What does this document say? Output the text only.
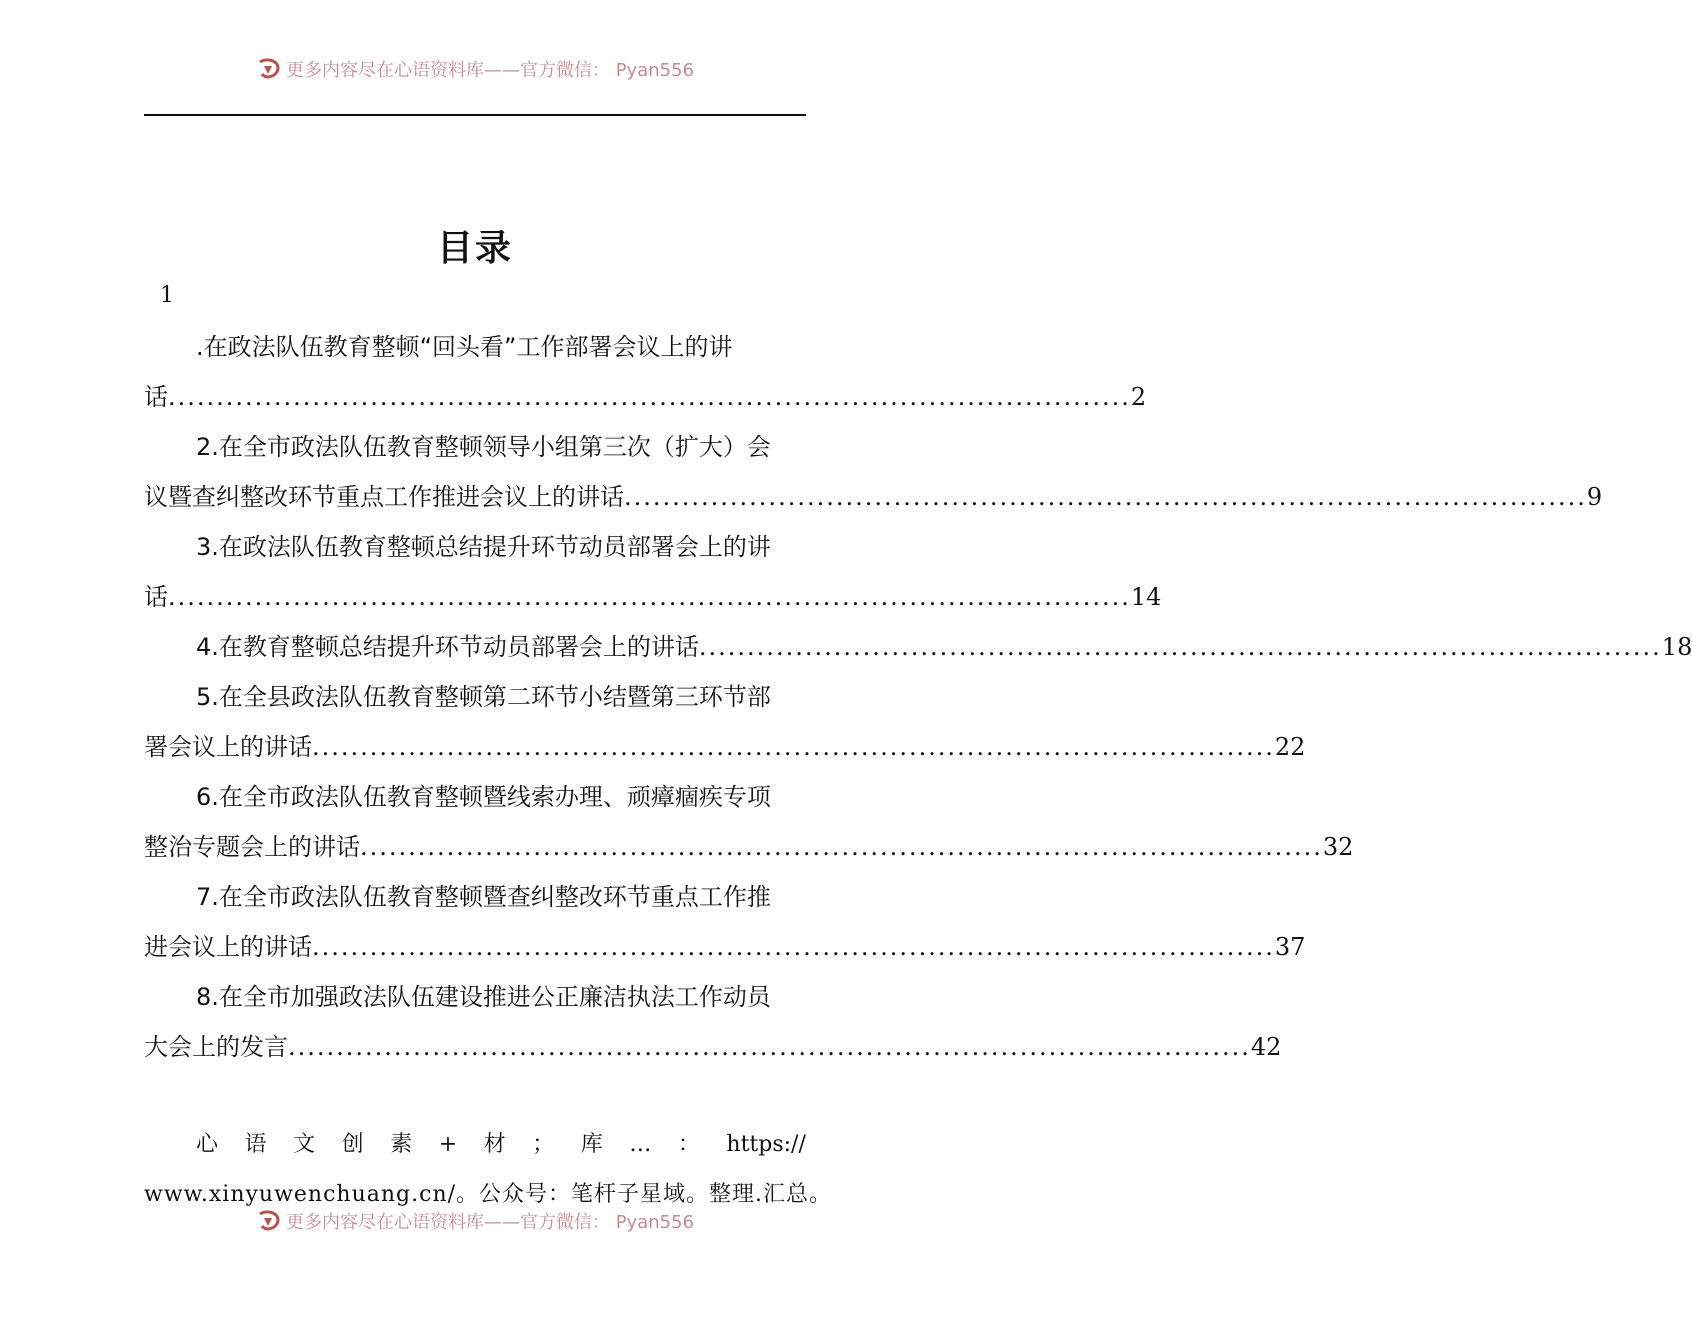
更多内容尽在心语资料库——官方微信： Pyan556
目录
1
.在政法队伍教育整顿“回头看”工作部署会议上的讲
话 .................................................................................................... 2
2.在全市政法队伍教育整顿领导小组第三次（扩大）会
议暨查纠整改环节重点工作推进会议上的讲话 .................................................................................................... 9
3.在政法队伍教育整顿总结提升环节动员部署会上的讲
话 .................................................................................................... 14
4.在教育整顿总结提升环节动员部署会上的讲话 .................................................................................................... 18
5.在全县政法队伍教育整顿第二环节小结暨第三环节部
署会议上的讲话 .................................................................................................... 22
6.在全市政法队伍教育整顿暨线索办理、顽瘴痼疾专项
整治专题会上的讲话 .................................................................................................... 32
7.在全市政法队伍教育整顿暨查纠整改环节重点工作推
进会议上的讲话 .................................................................................................... 37
8.在全市加强政法队伍建设推进公正廉洁执法工作动员
大会上的发言 .................................................................................................... 42
心 语 文 创 素 + 材 ； 库 … ： https://
www.xinyuwenchuang.cn/。公众号：笔杆子星域。整理.汇总。
更多内容尽在心语资料库——官方微信： Pyan556
